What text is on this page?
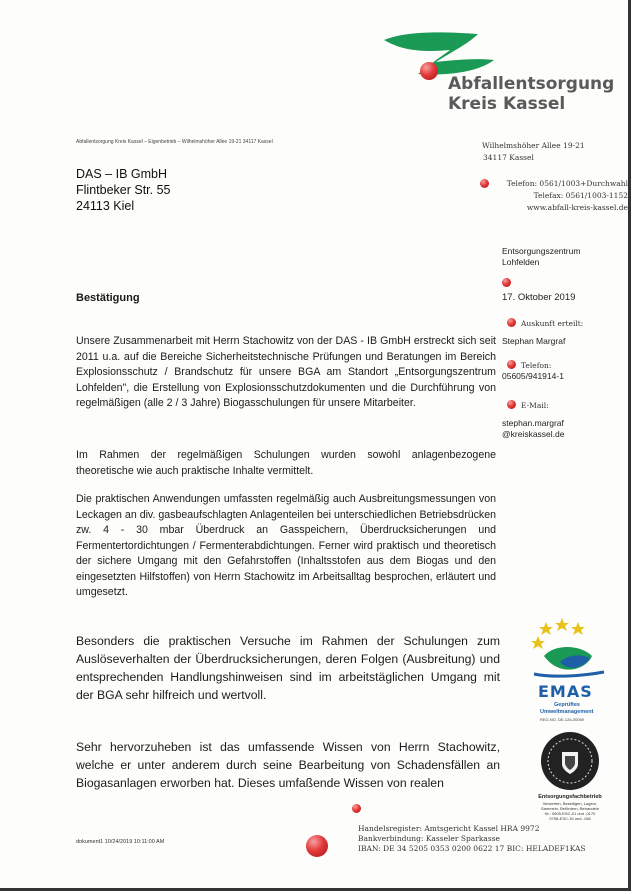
Abfallentsorgung
Kreis Kassel
Abfallentsorgung Kreis Kassel – Eigenbetrieb – Wilhelmshöher Allee 19-21 34117 Kassel
DAS – IB GmbH
Flintbeker Str. 55
24113 Kiel
Wilhelmshöher Allee 19-21
34117 Kassel
Telefon: 0561/1003+Durchwahl
Telefax: 0561/1003-1152
www.abfall-kreis-kassel.de
Entsorgungszentrum
Lohfelden
17. Oktober 2019
Auskunft erteilt:
Stephan Margraf
Telefon:
05605/941914-1
E-Mail:
stephan.margraf
@kreiskassel.de
Bestätigung
Unsere Zusammenarbeit mit Herrn Stachowitz von der DAS - IB GmbH erstreckt sich seit 2011 u.a. auf die Bereiche Sicherheitstechnische Prüfungen und Beratungen im Bereich Explosionsschutz / Brandschutz für unsere BGA am Standort „Entsorgungszentrum Lohfelden", die Erstellung von Explosionsschutzdokumenten und die Durchführung von regelmäßigen (alle 2 / 3 Jahre) Biogasschulungen für unsere Mitarbeiter.
Im Rahmen der regelmäßigen Schulungen wurden sowohl anlagenbezogene theoretische wie auch praktische Inhalte vermittelt.
Die praktischen Anwendungen umfassten regelmäßig auch Ausbreitungsmessungen von Leckagen an div. gasbeaufschlagten Anlagenteilen bei unterschiedlichen Betriebsdrücken zw. 4 - 30 mbar Überdruck an Gasspeichern, Überdrucksicherungen und Fermentertordichtungen / Fermenterabdichtungen. Ferner wird praktisch und theoretisch der sichere Umgang mit den Gefahrstoffen (Inhaltsstofen aus dem Biogas und den eingesetzten Hilfstoffen) von Herrn Stachowitz im Arbeitsalltag besprochen, erläutert und umgesetzt.
Besonders die praktischen Versuche im Rahmen der Schulungen zum Auslöseverhalten der Überdrucksicherungen, deren Folgen (Ausbreitung) und entsprechenden Handlungshinweisen sind im arbeitstäglichen Umgang mit der BGA sehr hilfreich und wertvoll.
Sehr hervorzuheben ist das umfassende Wissen von Herrn Stachowitz, welche er unter anderem durch seine Bearbeitung von Schadensfällen an Biogasanlagen erworben hat. Dieses umfaßende Wissen von realen
EMAS
Geprüftes
Umweltmanagement
REG.NO. DE-126-00069
Entsorgungsfachbetrieb
Verwerten, Beseitigen, Lagern,
Sammeln, Befördern, Behandeln
Nr.: 0605-ESC-01 und -0170
0798-ESC-15 und -158
dokument1 10/24/2019 10:11:00 AM
Handelsregister: Amtsgericht Kassel HRA 9972
Bankverbindung: Kasseler Sparkasse
IBAN: DE 34 5205 0353 0200 0622 17 BIC: HELADEF1KAS
